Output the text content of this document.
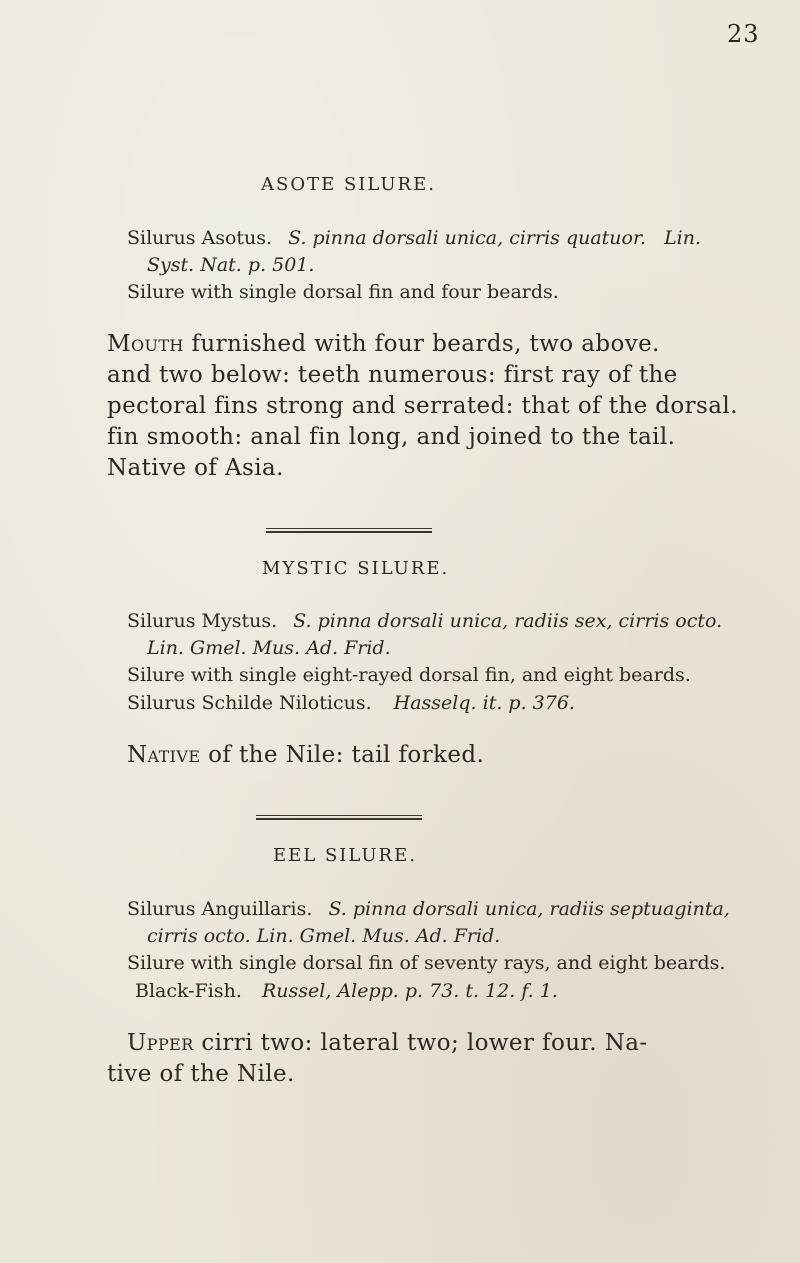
23
ASOTE SILURE.
Silurus Asotus. S. pinna dorsali unica, cirris quatuor. Lin.
Syst. Nat. p. 501.
Silure with single dorsal fin and four beards.
Mouth furnished with four beards, two above.
and two below: teeth numerous: first ray of the
pectoral fins strong and serrated: that of the dorsal.
fin smooth: anal fin long, and joined to the tail.
Native of Asia.
MYSTIC SILURE.
Silurus Mystus. S. pinna dorsali unica, radiis sex, cirris octo.
Lin. Gmel. Mus. Ad. Frid.
Silure with single eight-rayed dorsal fin, and eight beards.
Silurus Schilde Niloticus. Hasselq. it. p. 376.
Native of the Nile: tail forked.
EEL SILURE.
Silurus Anguillaris. S. pinna dorsali unica, radiis septuaginta,
cirris octo. Lin. Gmel. Mus. Ad. Frid.
Silure with single dorsal fin of seventy rays, and eight beards.
Black-Fish. Russel, Alepp. p. 73. t. 12. f. 1.
Upper cirri two: lateral two; lower four. Na-
tive of the Nile.
